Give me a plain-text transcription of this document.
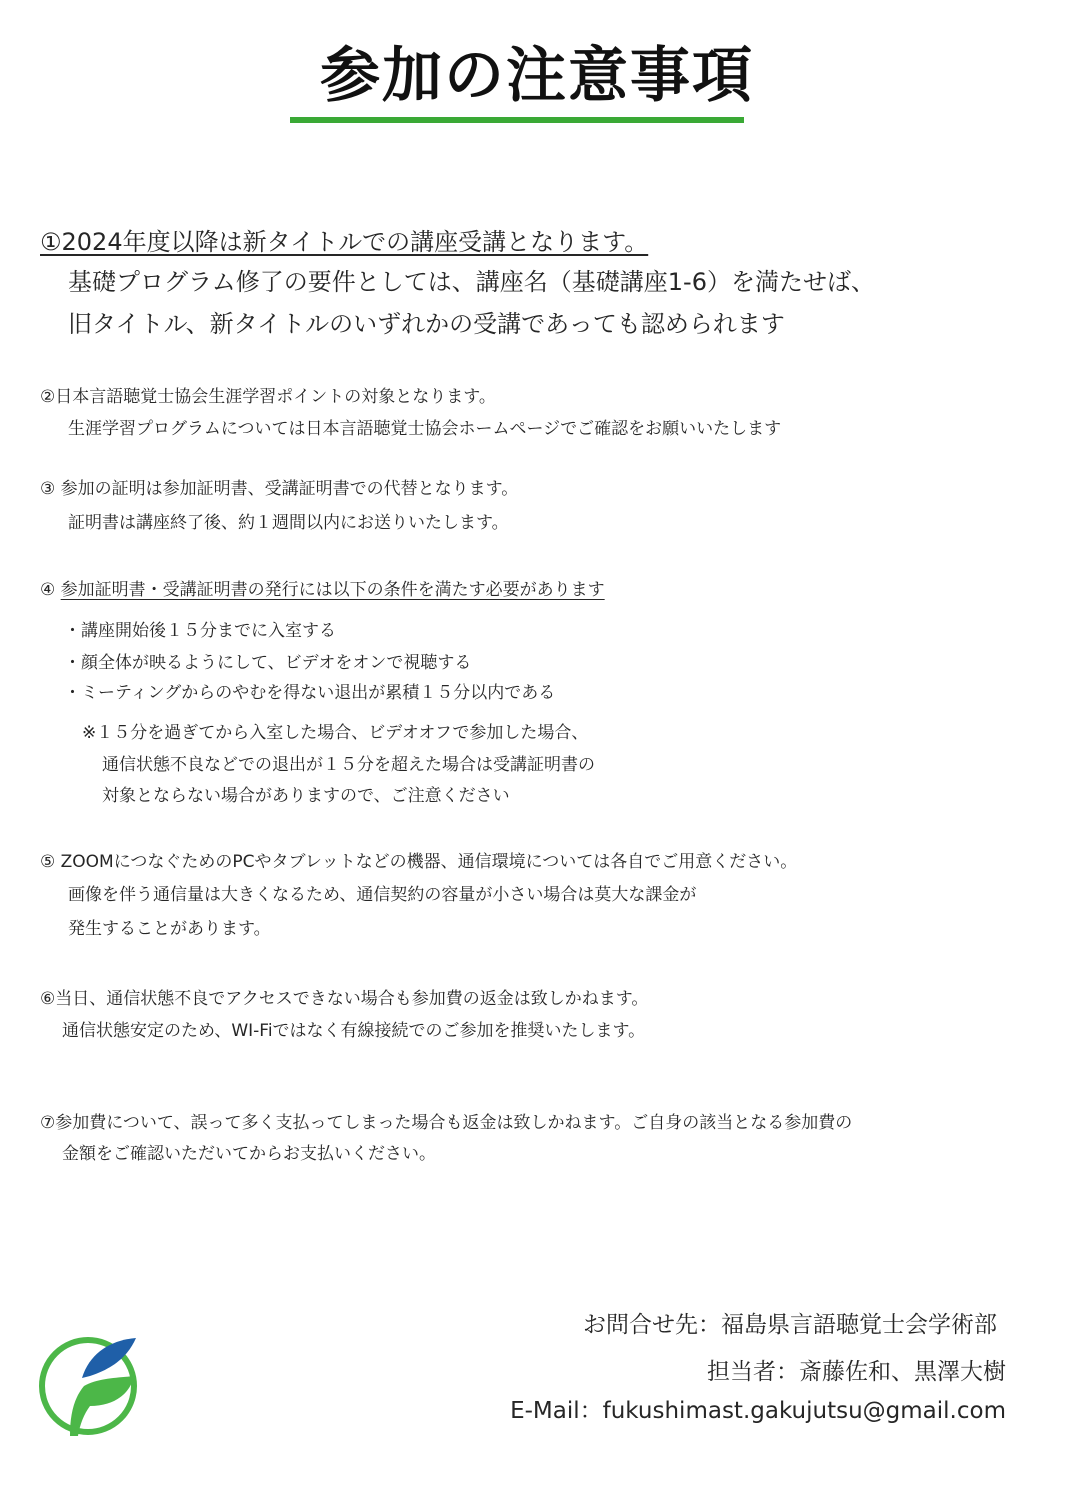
参加の注意事項
①2024年度以降は新タイトルでの講座受講となります。
基礎プログラム修了の要件としては、講座名（基礎講座1-6）を満たせば、
旧タイトル、新タイトルのいずれかの受講であっても認められます
②日本言語聴覚士協会生涯学習ポイントの対象となります。
生涯学習プログラムについては日本言語聴覚士協会ホームページでご確認をお願いいたします
③ 参加の証明は参加証明書、受講証明書での代替となります。
証明書は講座終了後、約１週間以内にお送りいたします。
④ 参加証明書・受講証明書の発行には以下の条件を満たす必要があります
・講座開始後１５分までに入室する
・顔全体が映るようにして、ビデオをオンで視聴する
・ミーティングからのやむを得ない退出が累積１５分以内である
※１５分を過ぎてから入室した場合、ビデオオフで参加した場合、
通信状態不良などでの退出が１５分を超えた場合は受講証明書の
対象とならない場合がありますので、ご注意ください
⑤ ZOOMにつなぐためのPCやタブレットなどの機器、通信環境については各自でご用意ください。
画像を伴う通信量は大きくなるため、通信契約の容量が小さい場合は莫大な課金が
発生することがあります。
⑥当日、通信状態不良でアクセスできない場合も参加費の返金は致しかねます。
通信状態安定のため、WI-Fiではなく有線接続でのご参加を推奨いたします。
⑦参加費について、誤って多く支払ってしまった場合も返金は致しかねます。ご自身の該当となる参加費の
金額をご確認いただいてからお支払いください。
お問合せ先：福島県言語聴覚士会学術部
担当者：斎藤佐和、黒澤大樹
E-Mail：fukushimast.gakujutsu@gmail.com
